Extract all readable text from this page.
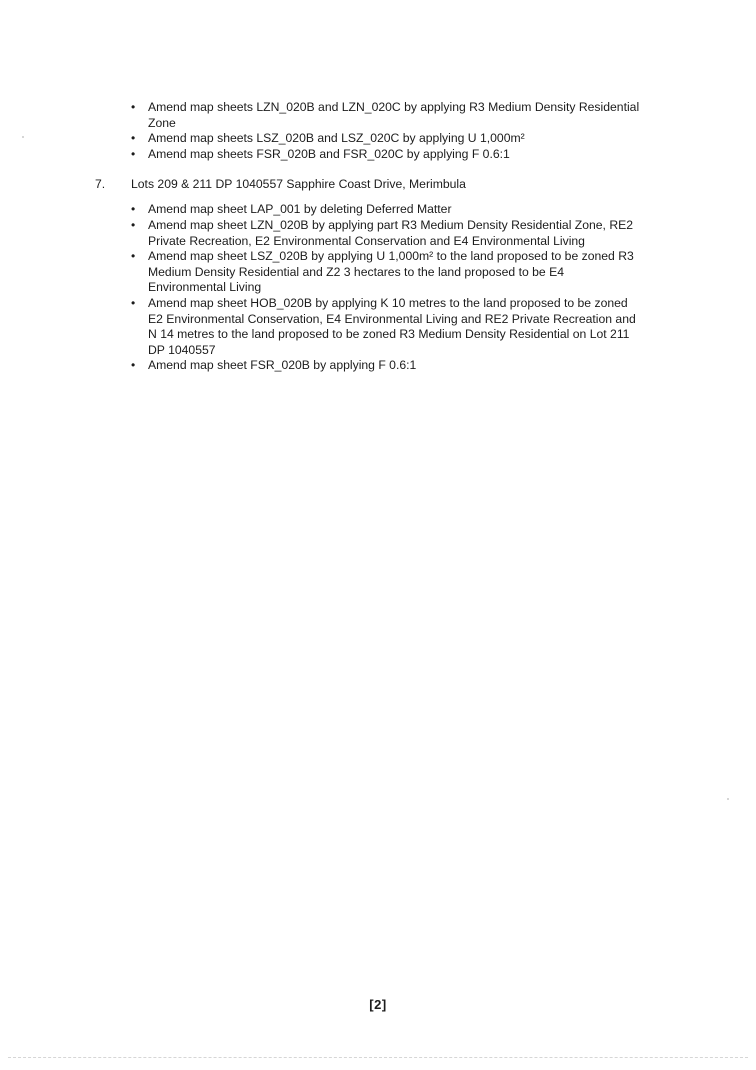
• Amend map sheets LZN_020B and LZN_020C by applying R3 Medium Density Residential Zone
• Amend map sheets LSZ_020B and LSZ_020C by applying U 1,000m²
• Amend map sheets FSR_020B and FSR_020C by applying F 0.6:1
7. Lots 209 & 211 DP 1040557 Sapphire Coast Drive, Merimbula
• Amend map sheet LAP_001 by deleting Deferred Matter
• Amend map sheet LZN_020B by applying part R3 Medium Density Residential Zone, RE2 Private Recreation, E2 Environmental Conservation and E4 Environmental Living
• Amend map sheet LSZ_020B by applying U 1,000m² to the land proposed to be zoned R3 Medium Density Residential and Z2 3 hectares to the land proposed to be E4 Environmental Living
• Amend map sheet HOB_020B by applying K 10 metres to the land proposed to be zoned E2 Environmental Conservation, E4 Environmental Living and RE2 Private Recreation and N 14 metres to the land proposed to be zoned R3 Medium Density Residential on Lot 211 DP 1040557
• Amend map sheet FSR_020B by applying F 0.6:1
[2]
